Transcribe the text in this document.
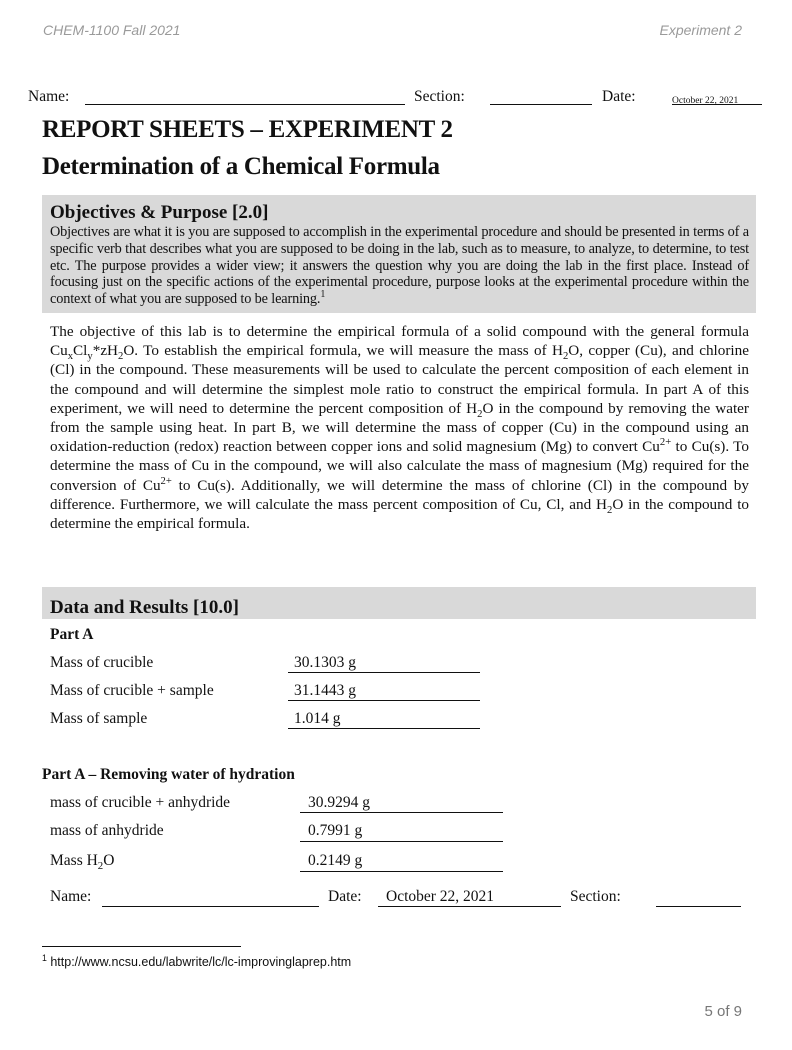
CHEM-1100 Fall 2021	Experiment 2
Name:	Section:	Date:	October 22, 2021
REPORT SHEETS – EXPERIMENT 2
Determination of a Chemical Formula
Objectives & Purpose [2.0]
Objectives are what it is you are supposed to accomplish in the experimental procedure and should be presented in terms of a specific verb that describes what you are supposed to be doing in the lab, such as to measure, to analyze, to determine, to test etc. The purpose provides a wider view; it answers the question why you are doing the lab in the first place. Instead of focusing just on the specific actions of the experimental procedure, purpose looks at the experimental procedure within the context of what you are supposed to be learning.$^1$
The objective of this lab is to determine the empirical formula of a solid compound with the general formula $Cu_xCl_y*zH_2O$. To establish the empirical formula, we will measure the mass of $H_2O$, copper (Cu), and chlorine (Cl) in the compound. These measurements will be used to calculate the percent composition of each element in the compound and will determine the simplest mole ratio to construct the empirical formula. In part A of this experiment, we will need to determine the percent composition of $H_2O$ in the compound by removing the water from the sample using heat. In part B, we will determine the mass of copper (Cu) in the compound using an oxidation-reduction (redox) reaction between copper ions and solid magnesium (Mg) to convert $Cu^{2+}$ to Cu(s). To determine the mass of Cu in the compound, we will also calculate the mass of magnesium (Mg) required for the conversion of $Cu^{2+}$ to Cu(s). Additionally, we will determine the mass of chlorine (Cl) in the compound by difference. Furthermore, we will calculate the mass percent composition of Cu, Cl, and $H_2O$ in the compound to determine the empirical formula.
Data and Results [10.0]
Part A
Mass of crucible	30.1303 g
Mass of crucible + sample	31.1443 g
Mass of sample	1.014 g
Part A – Removing water of hydration
mass of crucible + anhydride	30.9294 g
mass of anhydride	0.7991 g
Mass $H_2O$	0.2149 g
Name:	Date: October 22, 2021	Section:
$^1$ http://www.ncsu.edu/labwrite/lc/lc-improvinglaprep.htm
5 of 9
